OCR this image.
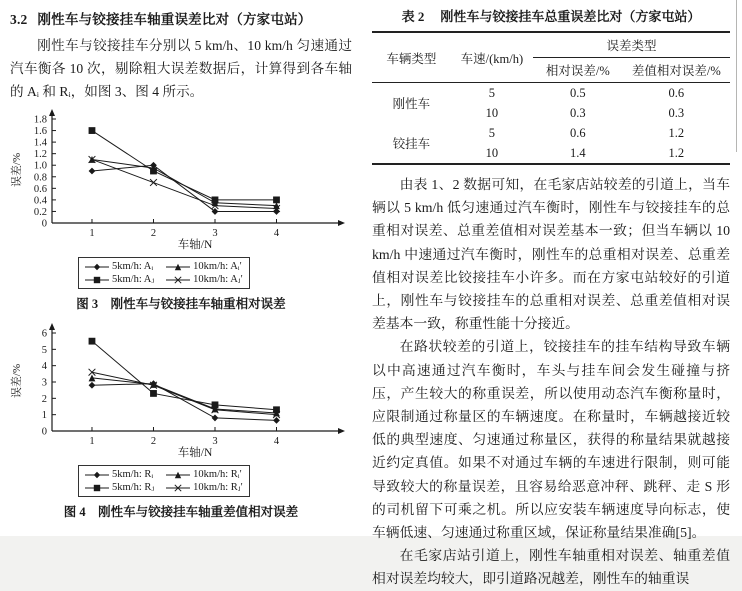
3.2 刚性车与铰接挂车轴重误差比对（方家屯站）

刚性车与铰接挂车分别以 5 km/h、10 km/h 匀速通过汽车衡各 10 次，剔除粗大误差数据后，计算得到各车轴的 Aᵢ 和 Rᵢ，如图 3、图 4 所示。

0
0.2
0.4
0.6
0.8
1.0
1.2
1.4
1.6
1.8
1	2	3	4
车轴/N
误差/%
5km/h: Aᵢ	10km/h: Aᵢ′
5km/h: Aⱼ	10km/h: Aⱼ′
图 3　刚性车与铰接挂车轴重相对误差
0
1
2
3
4
5
6
1	2	3	4
车轴/N
误差/%
5km/h: Rᵢ	10km/h: Rᵢ′
5km/h: Rⱼ	10km/h: Rⱼ′
图 4　刚性车与铰接挂车轴重差值相对误差
表 2 刚性车与铰接挂车总重误差比对（方家屯站）
车辆类型	车速/(km/h)	误差类型	
		相对误差/%	差值相对误差/%
刚性车	5	0.5	0.6
	10	0.3	0.3
铰挂车	5	0.6	1.2
	10	1.4	1.2

由表 1、2 数据可知，在毛家店站较差的引道上，当车辆以 5 km/h 低匀速通过汽车衡时，刚性车与铰接挂车的总重相对误差、总重差值相对误差基本一致；但当车辆以 10 km/h 中速通过汽车衡时，刚性车的总重相对误差、总重差值相对误差比铰接挂车小许多。而在方家屯站较好的引道上，刚性车与铰接挂车的总重相对误差、总重差值相对误差基本一致，称重性能十分接近。

在路状较差的引道上，铰接挂车的挂车结构导致车辆以中高速通过汽车衡时，车头与挂车间会发生碰撞与挤压，产生较大的称重误差，所以使用动态汽车衡称量时，应限制通过称量区的车辆速度。在称量时，车辆越接近较低的典型速度、匀速通过称量区，获得的称量结果就越接近约定真值。如果不对通过车辆的车速进行限制，则可能导致较大的称量误差，且容易给恶意冲秤、跳秤、走 S 形的司机留下可乘之机。所以应安装车辆速度导向标志，使车辆低速、匀速通过称重区域，保证称量结果准确[5]。

在毛家店站引道上，刚性车轴重相对误差、轴重差值相对误差均较大，即引道路况越差，刚性车的轴重误
